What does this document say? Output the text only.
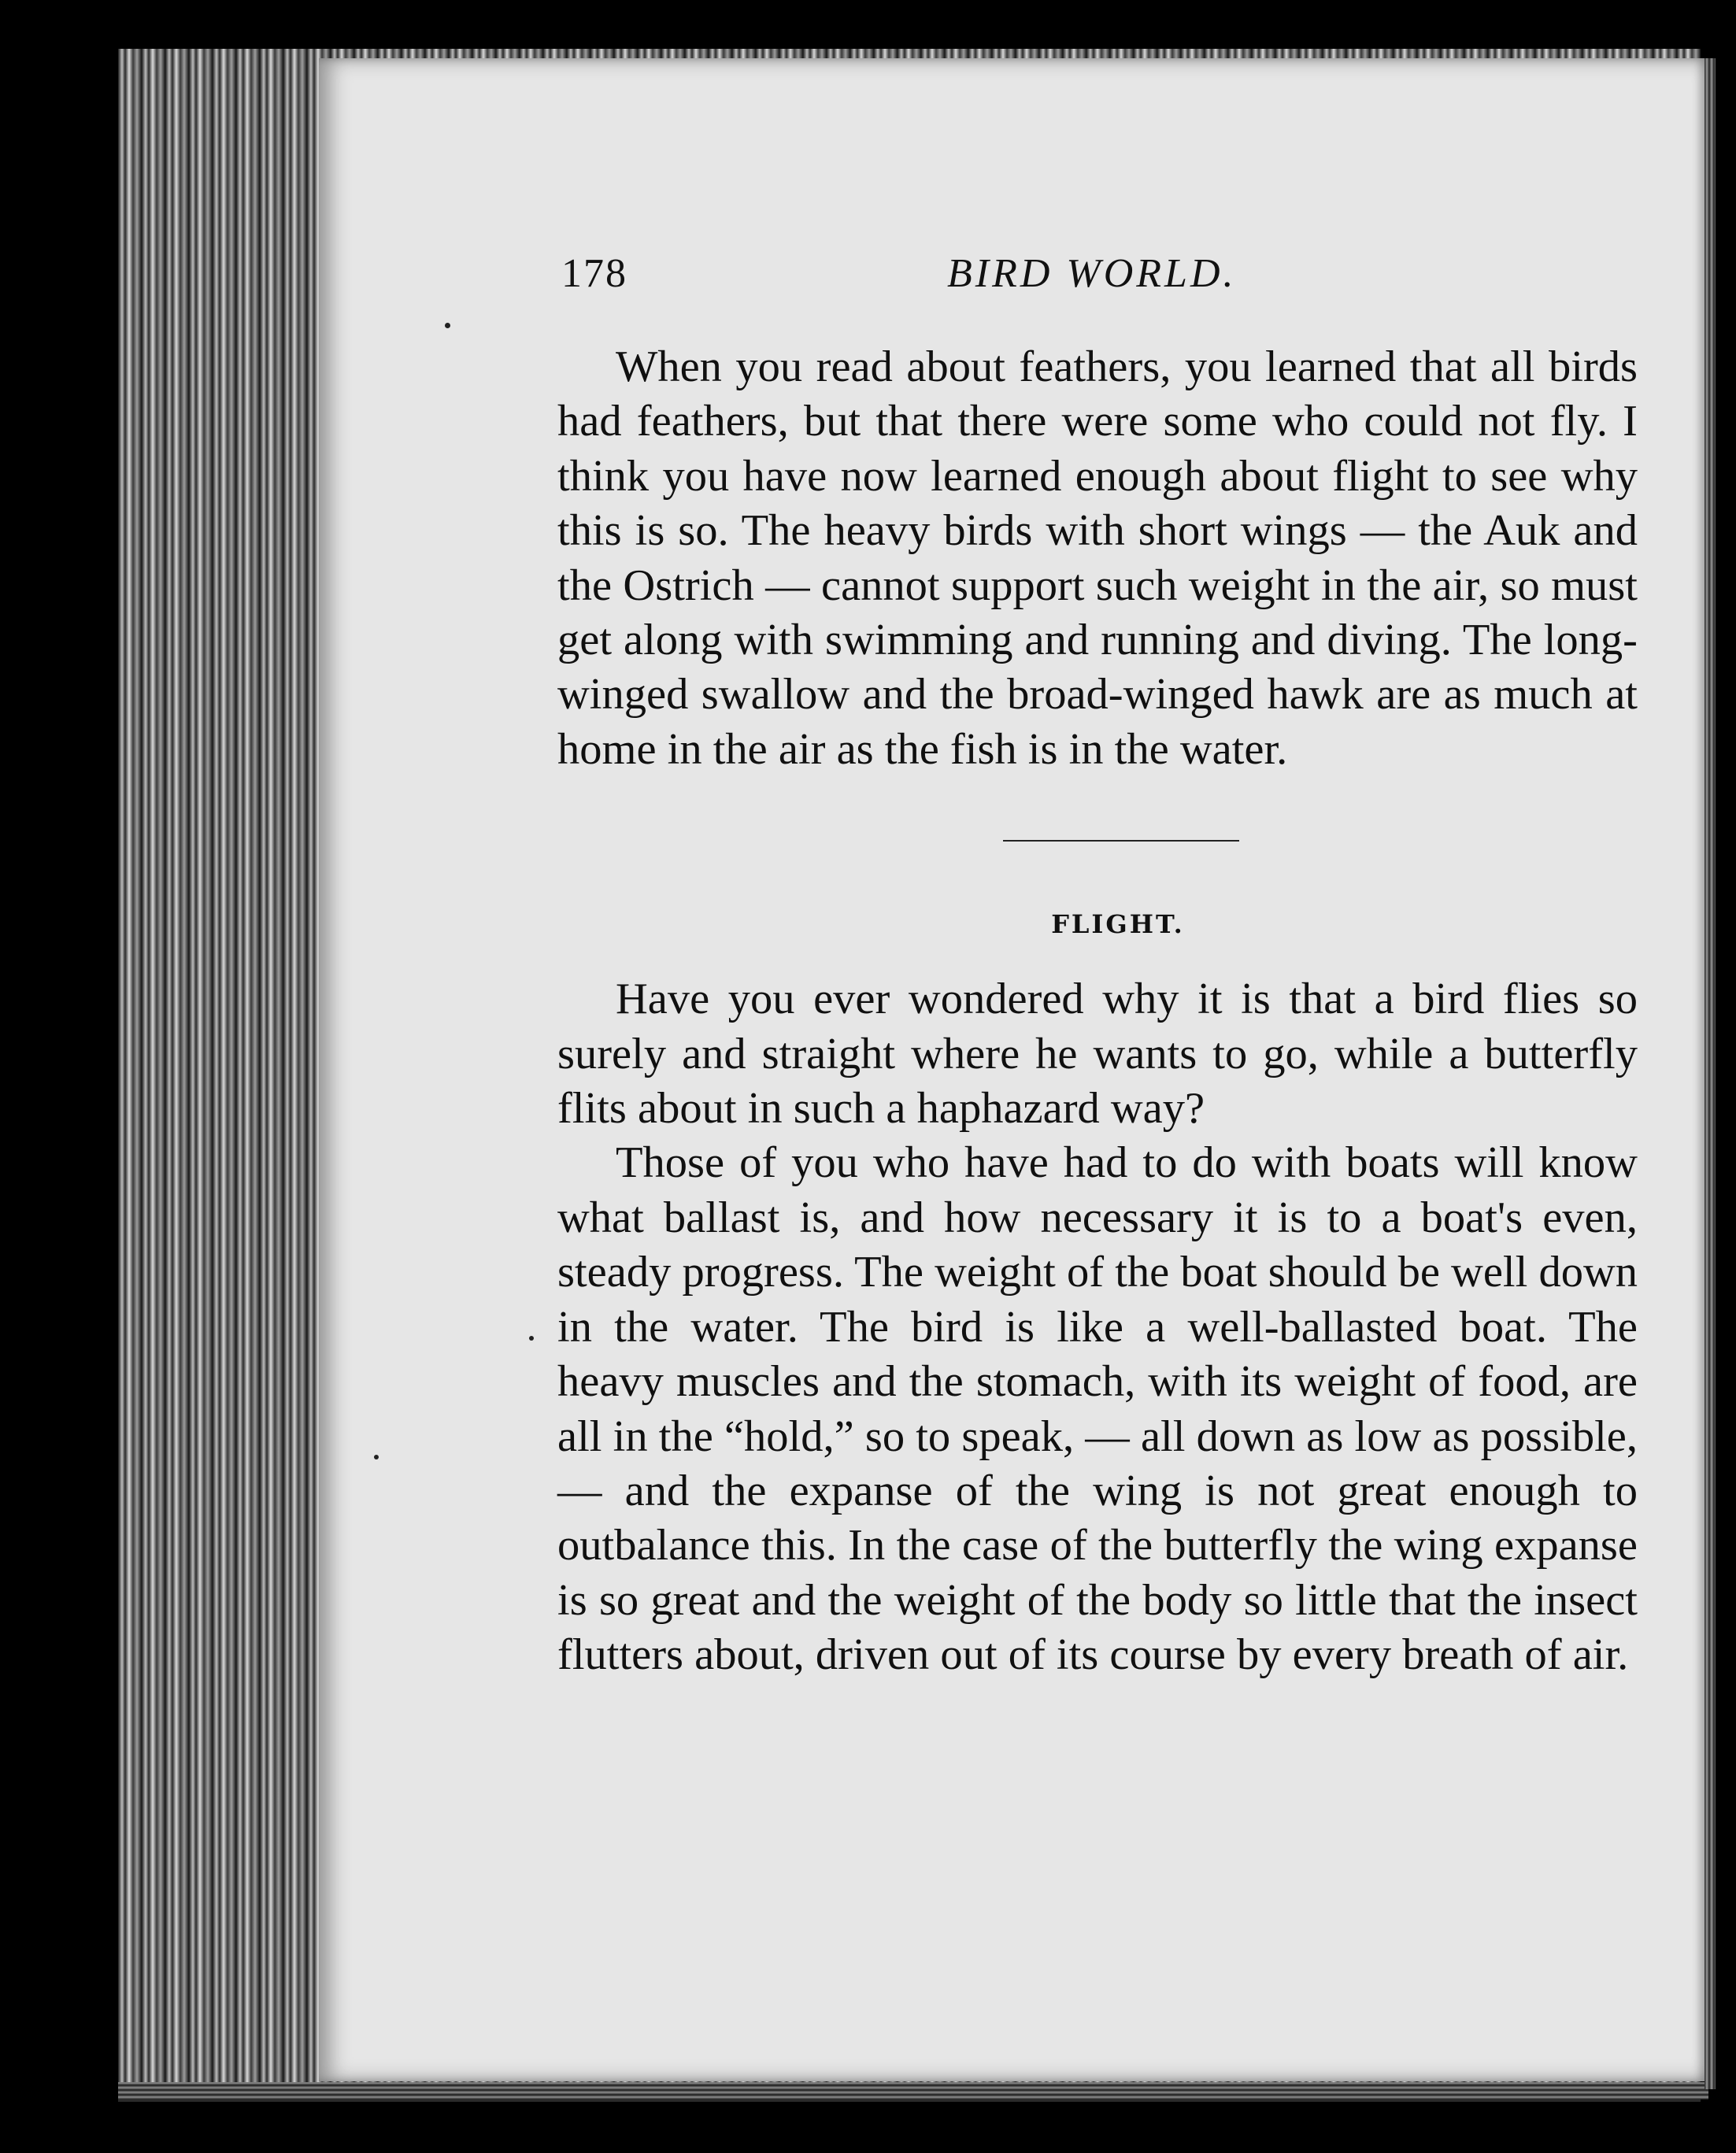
178	BIRD WORLD.

When you read about feathers, you learned that all birds had feathers, but that there were some who could not fly. I think you have now learned enough about flight to see why this is so. The heavy birds with short wings — the Auk and the Ostrich — cannot support such weight in the air, so must get along with swimming and running and diving. The long-winged swallow and the broad-winged hawk are as much at home in the air as the fish is in the water.

FLIGHT.

Have you ever wondered why it is that a bird flies so surely and straight where he wants to go, while a butterfly flits about in such a haphazard way?

Those of you who have had to do with boats will know what ballast is, and how necessary it is to a boat's even, steady progress. The weight of the boat should be well down in the water. The bird is like a well-ballasted boat. The heavy muscles and the stomach, with its weight of food, are all in the “hold,” so to speak, — all down as low as possible, — and the expanse of the wing is not great enough to outbalance this. In the case of the butterfly the wing expanse is so great and the weight of the body so little that the insect flutters about, driven out of its course by every breath of air.
